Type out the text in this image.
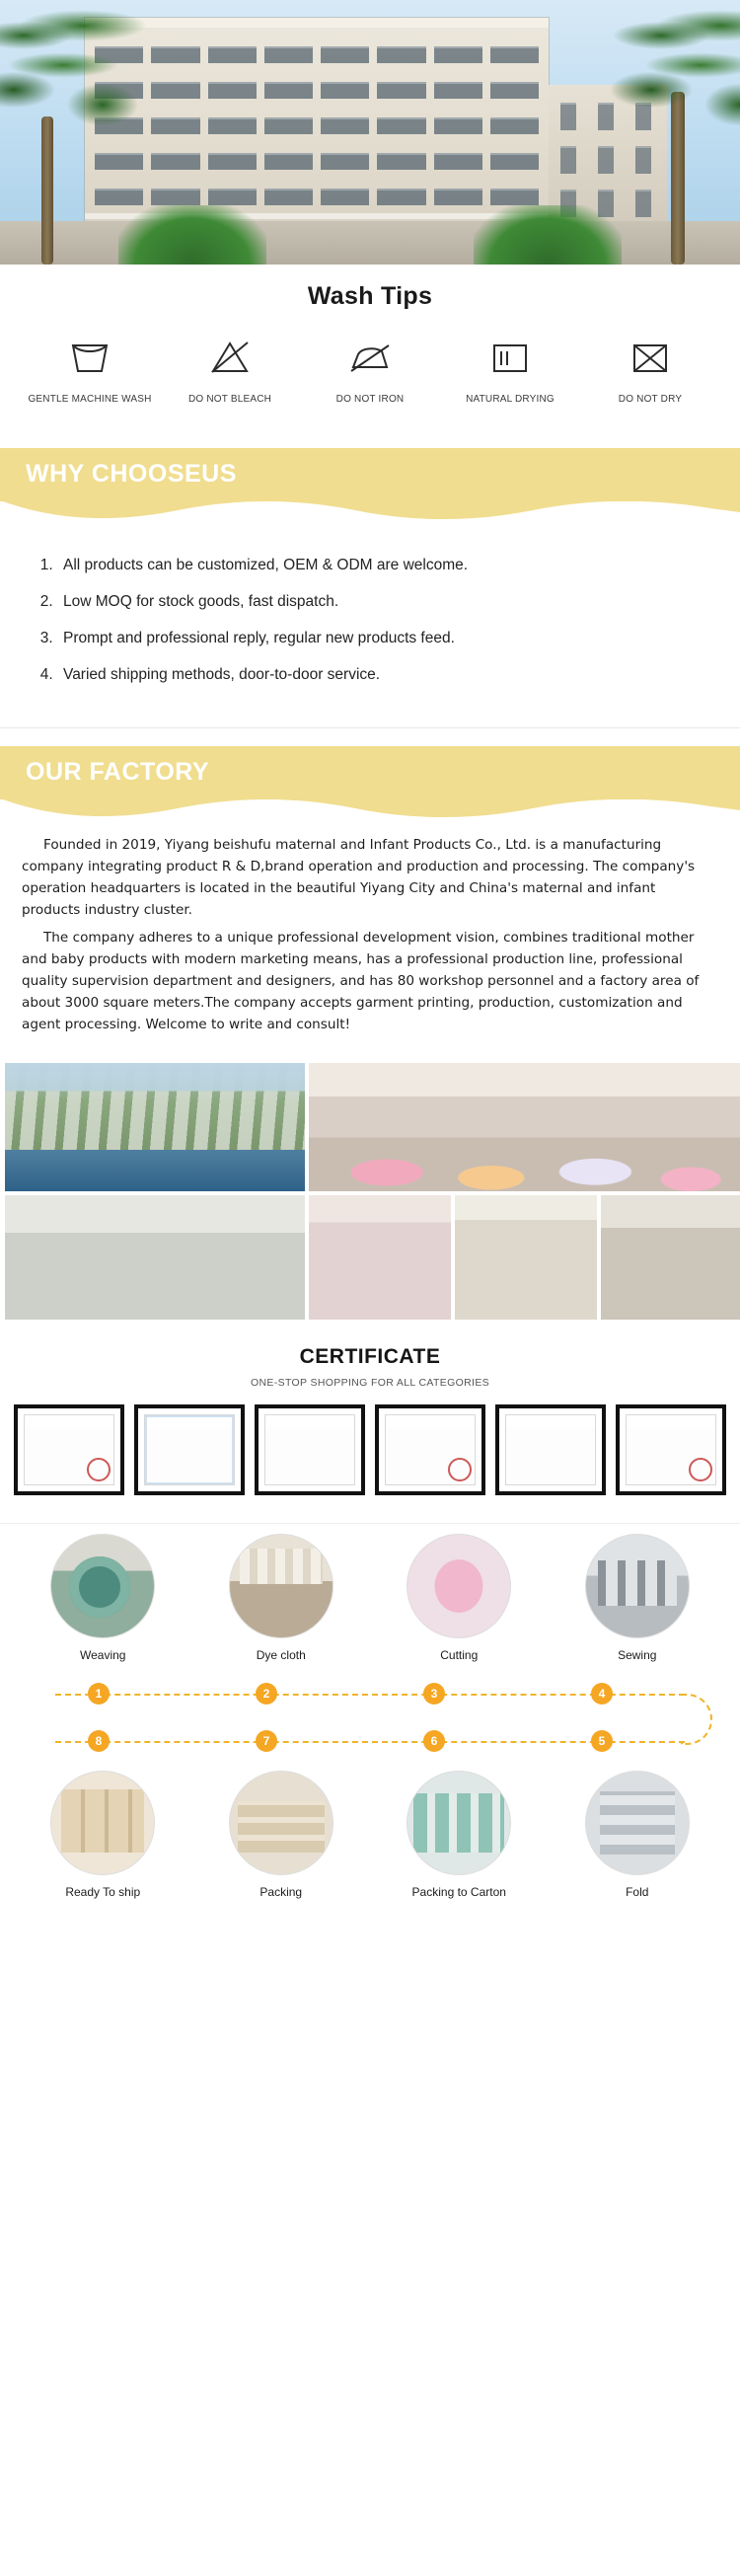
Wash Tips
GENTLE MACHINE WASH	DO NOT BLEACH	DO NOT IRON	NATURAL DRYING	DO NOT DRY
WHY CHOOSEUS
1. All products can be customized, OEM & ODM are welcome.
2. Low MOQ for stock goods, fast dispatch.
3. Prompt and professional reply, regular new products feed.
4. Varied shipping methods, door-to-door service.
OUR FACTORY

Founded in 2019, Yiyang beishufu maternal and Infant Products Co., Ltd. is a manufacturing company integrating product R & D,brand operation and production and processing. The company's operation headquarters is located in the beautiful Yiyang City and China's maternal and infant products industry cluster.

The company adheres to a unique professional development vision, combines traditional mother and baby products with modern marketing means, has a professional production line, professional quality supervision department and designers, and has 80 workshop personnel and a factory area of about 3000 square meters.The company accepts garment printing, production, customization and agent processing. Welcome to write and consult!

CERTIFICATE
ONE-STOP SHOPPING FOR ALL CATEGORIES
Weaving	Dye cloth	Cutting	Sewing
1	2	3	4
8	7	6	5
Ready To ship	Packing	Packing to Carton	Fold
